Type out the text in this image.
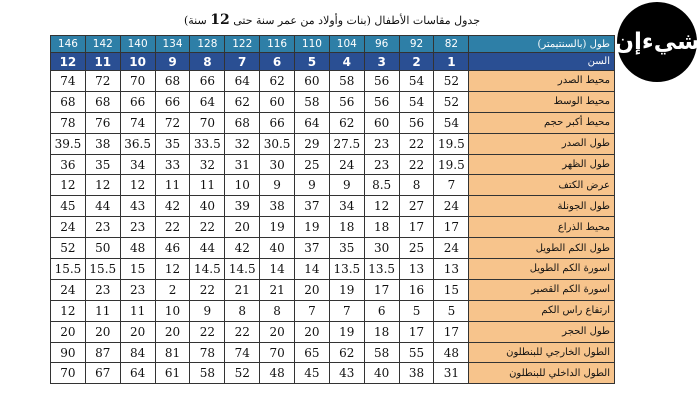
جدول مقاسات الأطفال (بنات وأولاد من عمر سنة حتى 12 سنة)
146	142	140	134	128	122	116	110	104	96	92	82	طول (بالسنتيمتر)
12	11	10	9	8	7	6	5	4	3	2	1	السن
74	72	70	68	66	64	62	60	58	56	54	52	محيط الصدر
68	68	66	66	64	62	60	58	56	56	54	52	محيط الوسط
78	76	74	72	70	68	66	64	62	60	56	54	محيط أكبر حجم
39.5	38	36.5	35	33.5	32	30.5	29	27.5	23	22	19.5	طول الصدر
36	35	34	33	32	31	30	25	24	23	22	19.5	طول الظهر
12	12	12	11	11	10	9	9	9	8.5	8	7	عرض الكتف
45	44	43	42	40	39	38	37	34	12	27	24	طول الجونلة
24	23	23	22	22	20	19	19	18	18	17	17	محيط الذراع
52	50	48	46	44	42	40	37	35	30	25	24	طول الكم الطويل
15.5	15.5	15	12	14.5	14.5	14	14	13.5	13.5	13	13	اسورة الكم الطويل
24	23	23	2	22	21	21	20	19	17	16	15	اسورة الكم القصير
12	11	11	10	9	8	8	7	7	6	5	5	ارتفاع راس الكم
20	20	20	20	22	22	20	20	19	18	17	17	طول الحجر
90	87	84	81	78	74	70	65	62	58	55	48	الطول الخارجي للبنطلون
70	67	64	61	58	52	48	45	43	40	38	31	الطول الداخلي للبنطلون
شيءإن
